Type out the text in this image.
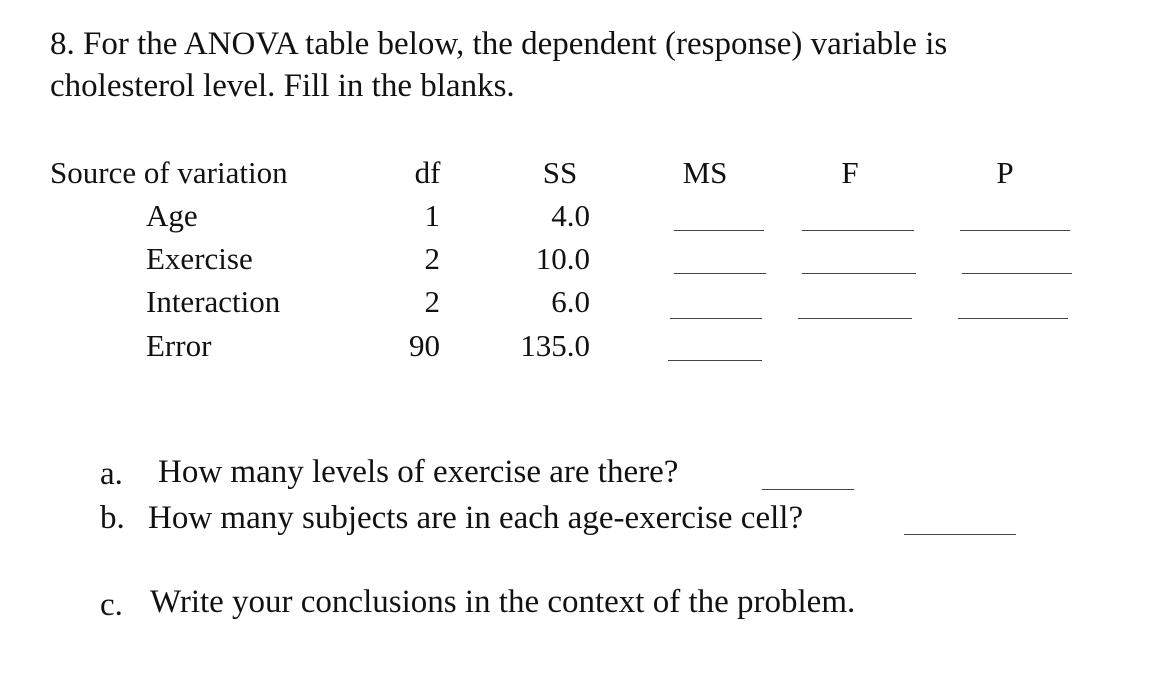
8. For the ANOVA table below, the dependent (response) variable is
cholesterol level. Fill in the blanks.
Source of variation	df	SS	MS	F	P
Age	1	4.0
Exercise	2	10.0
Interaction	2	6.0
Error	90	135.0
a. How many levels of exercise are there?
b. How many subjects are in each age-exercise cell?
c. Write your conclusions in the context of the problem.
